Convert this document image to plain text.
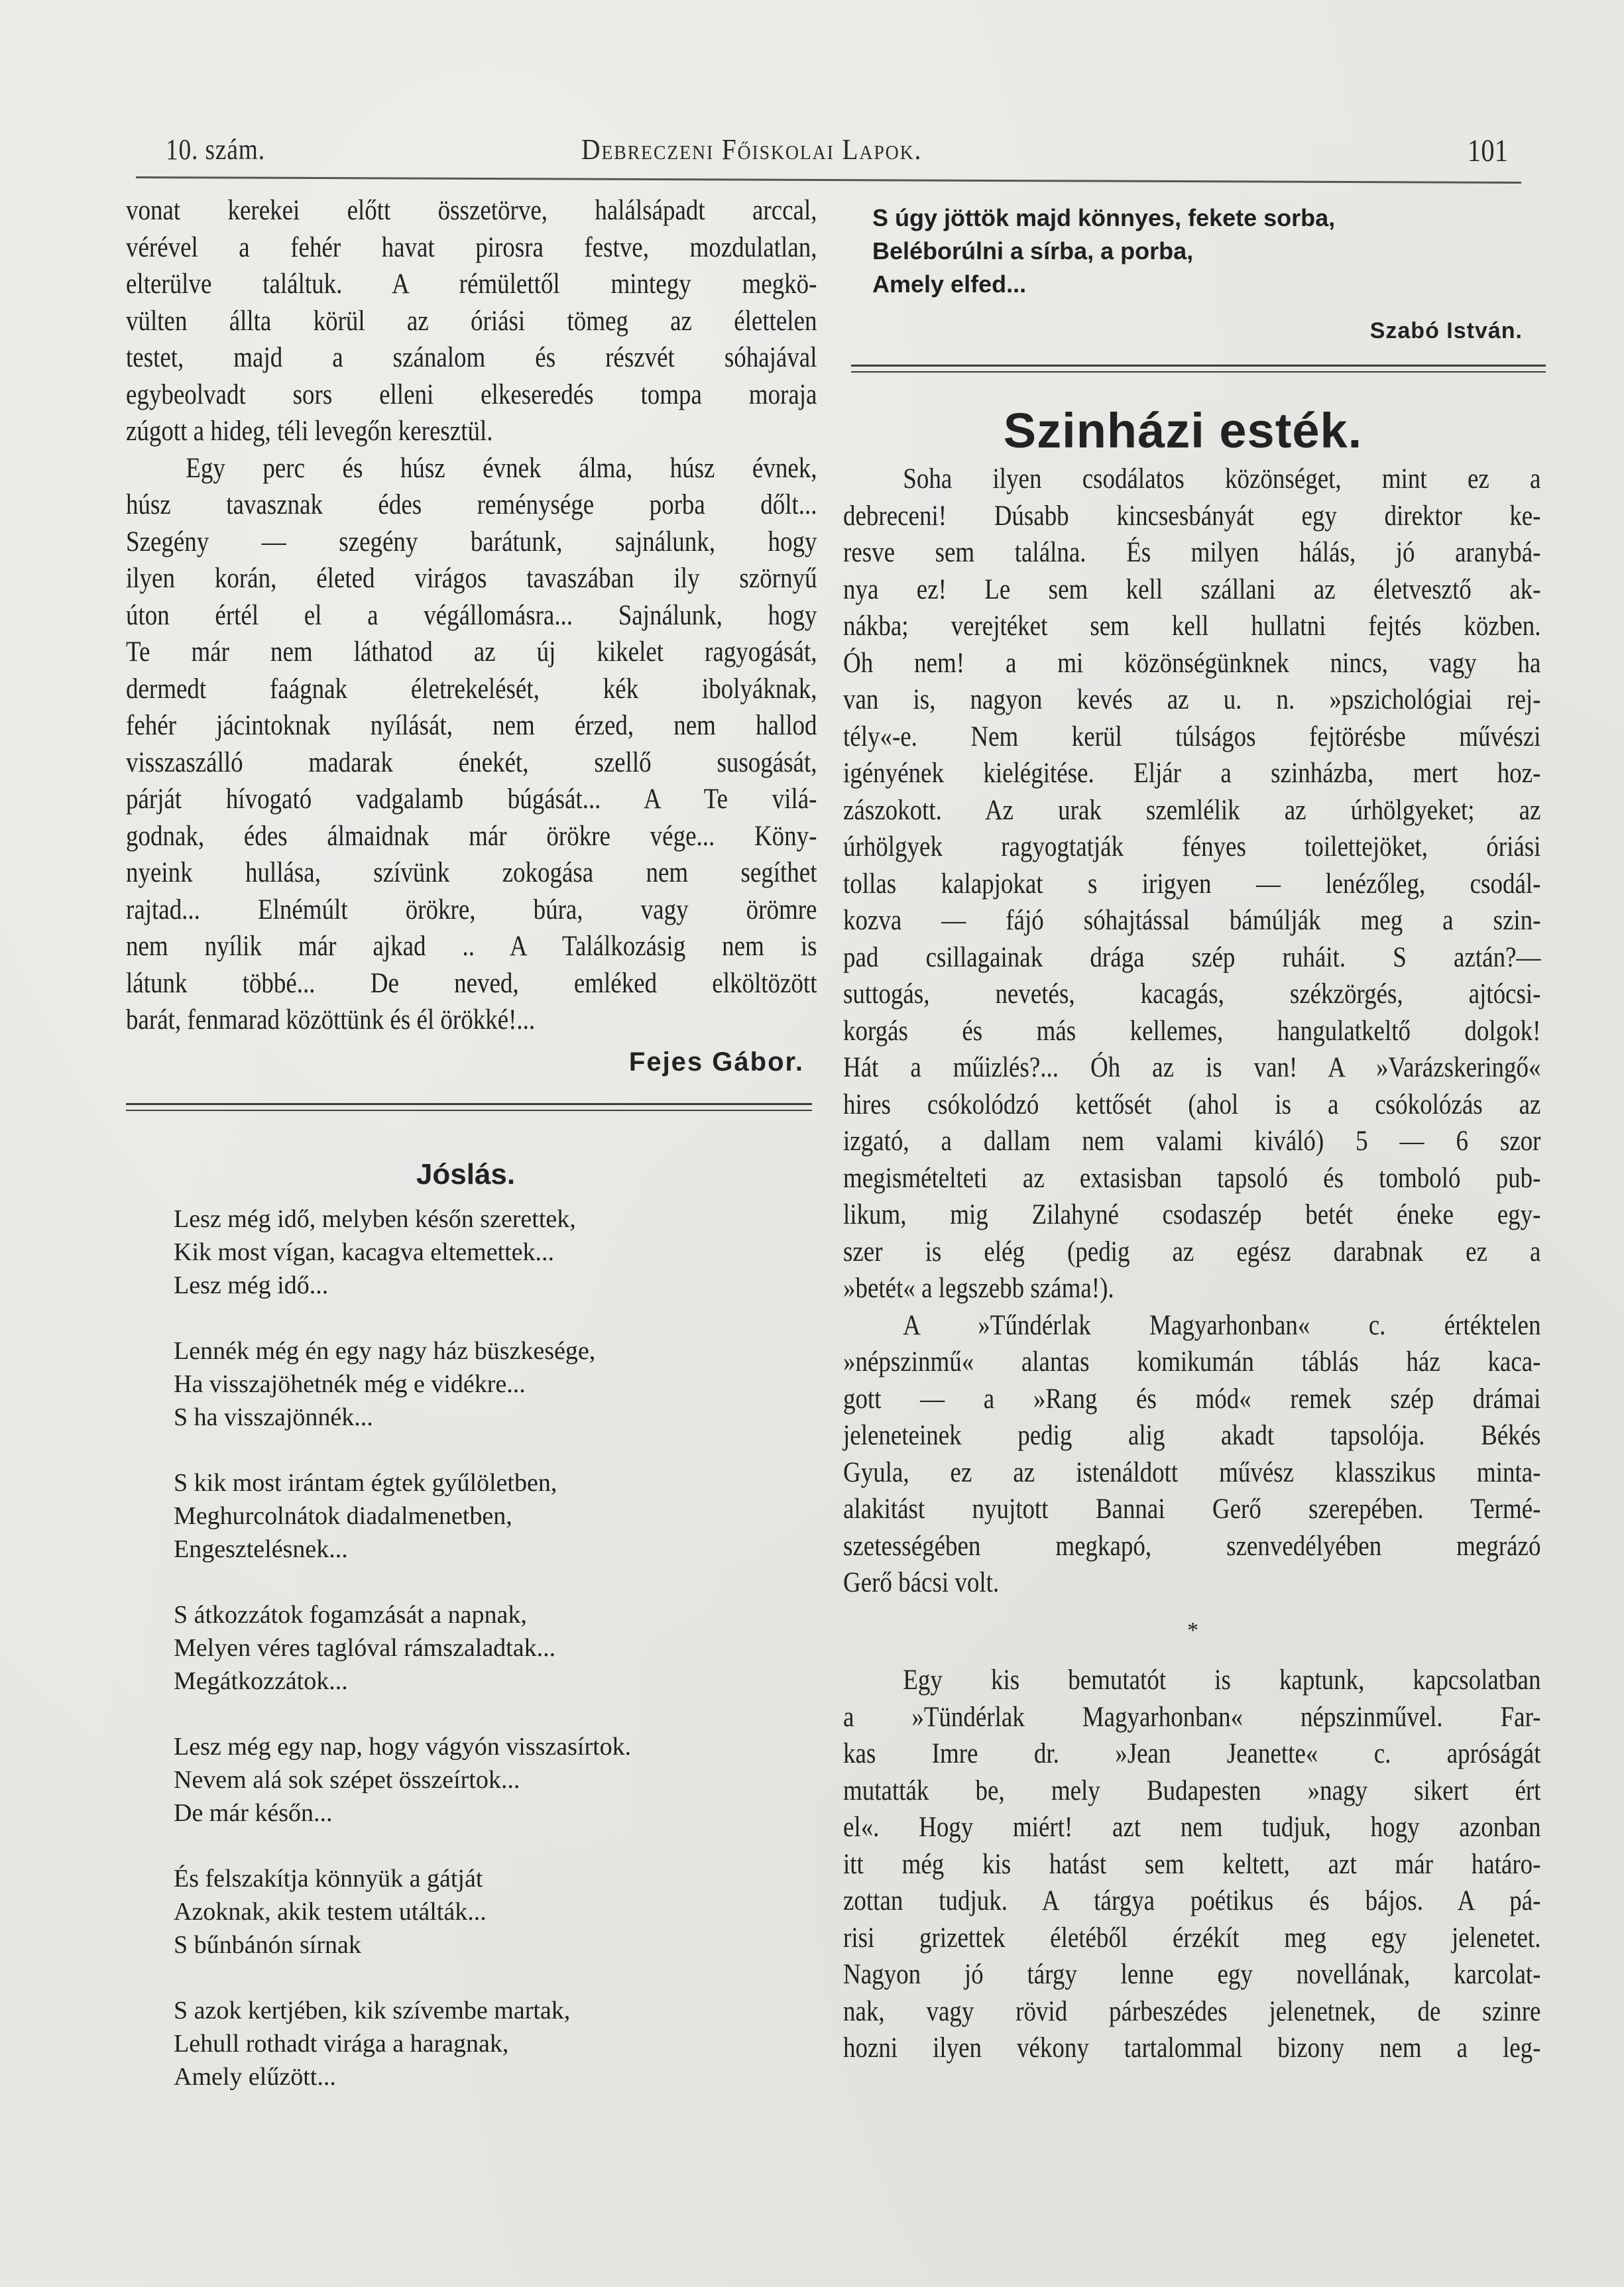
10. szám.	Debreczeni Főiskolai Lapok.	101
vonat kerekei előtt összetörve, halálsápadt arccal,
vérével a fehér havat pirosra festve, mozdulatlan,
elterülve találtuk. A rémülettől mintegy megkö-
vülten állta körül az óriási tömeg az élettelen
testet, majd a szánalom és részvét sóhajával
egybeolvadt sors elleni elkeseredés tompa moraja
zúgott a hideg, téli levegőn keresztül.
Egy perc és húsz évnek álma, húsz évnek,
húsz tavasznak édes reménysége porba dőlt...
Szegény — szegény barátunk, sajnálunk, hogy
ilyen korán, életed virágos tavaszában ily szörnyű
úton értél el a végállomásra... Sajnálunk, hogy
Te már nem láthatod az új kikelet ragyogását,
dermedt faágnak életrekelését, kék ibolyáknak,
fehér jácintoknak nyílását, nem érzed, nem hallod
visszaszálló madarak énekét, szellő susogását,
párját hívogató vadgalamb búgását... A Te vilá-
godnak, édes álmaidnak már örökre vége... Köny-
nyeink hullása, szívünk zokogása nem segíthet
rajtad... Elnémúlt örökre, búra, vagy örömre
nem nyílik már ajkad .. A Találkozásig nem is
látunk többé... De neved, emléked elköltözött
barát, fenmarad közöttünk és él örökké!...
Fejes Gábor.
Jóslás.
Lesz még idő, melyben későn szerettek,
Kik most vígan, kacagva eltemettek...
Lesz még idő...
Lennék még én egy nagy ház büszkesége,
Ha visszajöhetnék még e vidékre...
S ha visszajönnék...
S kik most irántam égtek gyűlöletben,
Meghurcolnátok diadalmenetben,
Engesztelésnek...
S átkozzátok fogamzását a napnak,
Melyen véres taglóval rámszaladtak...
Megátkozzátok...
Lesz még egy nap, hogy vágyón visszasírtok.
Nevem alá sok szépet összeírtok...
De már későn...
És felszakítja könnyük a gátját
Azoknak, akik testem utálták...
S bűnbánón sírnak
S azok kertjében, kik szívembe martak,
Lehull rothadt virága a haragnak,
Amely elűzött...
S úgy jöttök majd könnyes, fekete sorba,
Beléborúlni a sírba, a porba,
Amely elfed...
Szabó István.
Szinházi esték.
Soha ilyen csodálatos közönséget, mint ez a
debreceni! Dúsabb kincsesbányát egy direktor ke-
resve sem találna. És milyen hálás, jó aranybá-
nya ez! Le sem kell szállani az életvesztő ak-
nákba; verejtéket sem kell hullatni fejtés közben.
Óh nem! a mi közönségünknek nincs, vagy ha
van is, nagyon kevés az u. n. »pszichológiai rej-
tély«-e. Nem kerül túlságos fejtörésbe művészi
igényének kielégitése. Eljár a szinházba, mert hoz-
zászokott. Az urak szemlélik az úrhölgyeket; az
úrhölgyek ragyogtatják fényes toilettejöket, óriási
tollas kalapjokat s irigyen — lenézőleg, csodál-
kozva — fájó sóhajtással bámúlják meg a szin-
pad csillagainak drága szép ruháit. S aztán?—
suttogás, nevetés, kacagás, székzörgés, ajtócsi-
korgás és más kellemes, hangulatkeltő dolgok!
Hát a műizlés?... Óh az is van! A »Varázskeringő«
hires csókolódzó kettősét (ahol is a csókolózás az
izgató, a dallam nem valami kiváló) 5 — 6 szor
megismételteti az extasisban tapsoló és tomboló pub-
likum, mig Zilahyné csodaszép betét éneke egy-
szer is elég (pedig az egész darabnak ez a
»betét« a legszebb száma!).
A »Tűndérlak Magyarhonban« c. értéktelen
»népszinmű« alantas komikumán táblás ház kaca-
gott — a »Rang és mód« remek szép drámai
jeleneteinek pedig alig akadt tapsolója. Békés
Gyula, ez az istenáldott művész klasszikus minta-
alakitást nyujtott Bannai Gerő szerepében. Termé-
szetességében megkapó, szenvedélyében megrázó
Gerő bácsi volt.
*
Egy kis bemutatót is kaptunk, kapcsolatban
a »Tündérlak Magyarhonban« népszinművel. Far-
kas Imre dr. »Jean Jeanette« c. apróságát
mutatták be, mely Budapesten »nagy sikert ért
el«. Hogy miért! azt nem tudjuk, hogy azonban
itt még kis hatást sem keltett, azt már határo-
zottan tudjuk. A tárgya poétikus és bájos. A pá-
risi grizettek életéből érzékít meg egy jelenetet.
Nagyon jó tárgy lenne egy novellának, karcolat-
nak, vagy rövid párbeszédes jelenetnek, de szinre
hozni ilyen vékony tartalommal bizony nem a leg-
